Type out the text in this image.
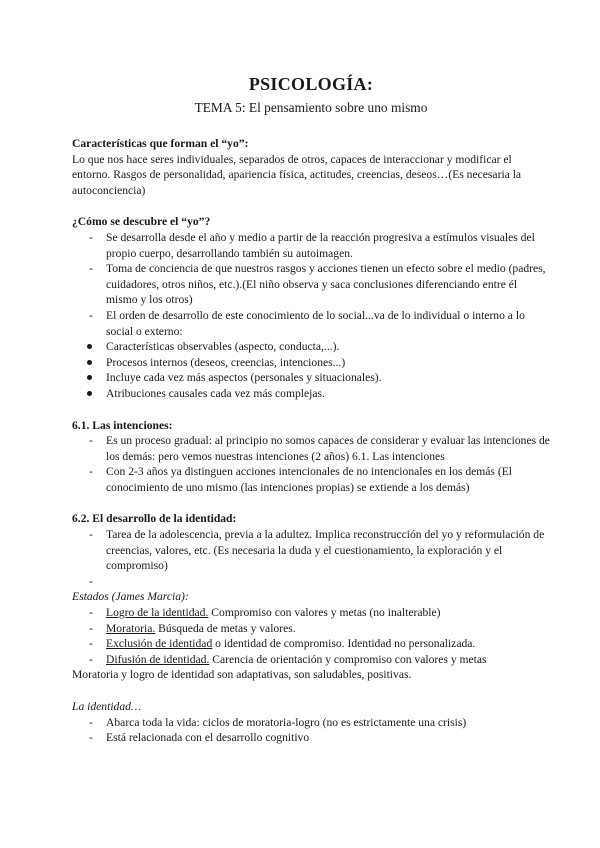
PSICOLOGÍA:
TEMA 5: El pensamiento sobre uno mismo

Características que forman el “yo”:

Lo que nos hace seres individuales, separados de otros, capaces de interaccionar y modificar el entorno. Rasgos de personalidad, apariencia física, actitudes, creencias, deseos…(Es necesaria la autoconciencia)

¿Cómo se descubre el “yo”?

- Se desarrolla desde el año y medio a partir de la reacción progresiva a estímulos visuales del propio cuerpo, desarrollando también su autoimagen.
- Toma de conciencia de que nuestros rasgos y acciones tienen un efecto sobre el medio (padres, cuidadores, otros niños, etc.).(El niño observa y saca conclusiones diferenciando entre él mismo y los otros)
- El orden de desarrollo de este conocimiento de lo social...va de lo individual o interno a lo social o externo:
Características observables (aspecto, conducta,...).
Procesos internos (deseos, creencias, intenciones...)
Incluye cada vez más aspectos (personales y situacionales).
Atribuciones causales cada vez más complejas.

6.1. Las intenciones:

- Es un proceso gradual: al principio no somos capaces de considerar y evaluar las intenciones de los demás: pero vemos nuestras intenciones (2 años) 6.1. Las intenciones
- Con 2-3 años ya distinguen acciones intencionales de no intencionales en los demás (El conocimiento de uno mismo (las intenciones propias) se extiende a los demás)

6.2. El desarrollo de la identidad:

- Tarea de la adolescencia, previa a la adultez. Implica reconstrucción del yo y reformulación de creencias, valores, etc. (Es necesaria la duda y el cuestionamiento, la exploración y el compromiso)

-

Estados (James Marcia):

- Logro de la identidad. Compromiso con valores y metas (no inalterable)
- Moratoria. Búsqueda de metas y valores.
- Exclusión de identidad o identidad de compromiso. Identidad no personalizada.
- Difusión de identidad. Carencia de orientación y compromiso con valores y metas

Moratoria y logro de identidad son adaptativas, son saludables, positivas.

La identidad…

- Abarca toda la vida: ciclos de moratoria-logro (no es estrictamente una crisis)
- Está relacionada con el desarrollo cognitivo
